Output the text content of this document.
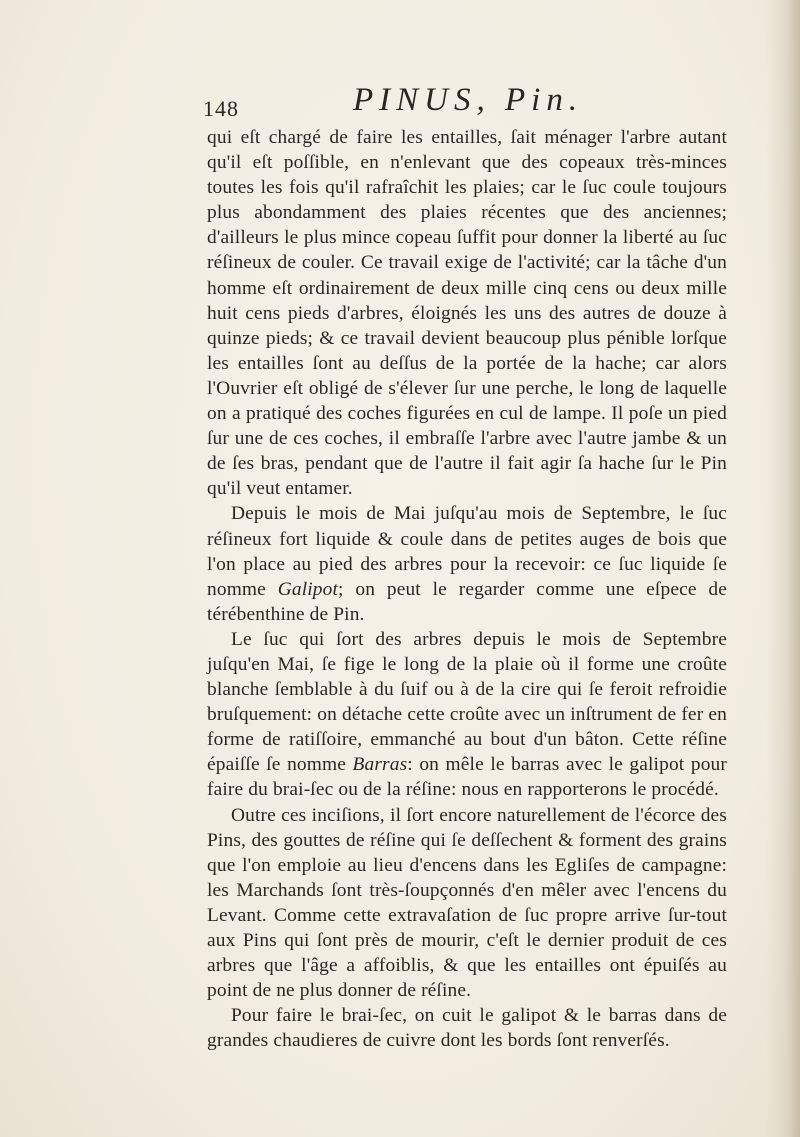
148	PINUS, Pin.

qui eſt chargé de faire les entailles, ſait ménager l'arbre autant qu'il eſt poſſible, en n'enlevant que des copeaux très-minces toutes les fois qu'il rafraîchit les plaies; car le ſuc coule toujours plus abondamment des plaies récentes que des anciennes; d'ailleurs le plus mince copeau ſuffit pour donner la liberté au ſuc réſineux de couler. Ce travail exige de l'activité; car la tâche d'un homme eſt ordinairement de deux mille cinq cens ou deux mille huit cens pieds d'arbres, éloignés les uns des autres de douze à quinze pieds; & ce travail devient beaucoup plus pénible lorſque les entailles ſont au deſſus de la portée de la hache; car alors l'Ouvrier eſt obligé de s'élever ſur une perche, le long de laquelle on a pratiqué des coches figurées en cul de lampe. Il poſe un pied ſur une de ces coches, il embraſſe l'arbre avec l'autre jambe & un de ſes bras, pendant que de l'autre il fait agir ſa hache ſur le Pin qu'il veut entamer.

Depuis le mois de Mai juſqu'au mois de Septembre, le ſuc réſineux fort liquide & coule dans de petites auges de bois que l'on place au pied des arbres pour la recevoir: ce ſuc liquide ſe nomme Galipot; on peut le regarder comme une eſpece de térébenthine de Pin.

Le ſuc qui ſort des arbres depuis le mois de Septembre juſqu'en Mai, ſe fige le long de la plaie où il forme une croûte blanche ſemblable à du ſuif ou à de la cire qui ſe feroit refroidie bruſquement: on détache cette croûte avec un inſtrument de fer en forme de ratiſſoire, emmanché au bout d'un bâton. Cette réſine épaiſſe ſe nomme Barras: on mêle le barras avec le galipot pour faire du brai-ſec ou de la réſine: nous en rapporterons le procédé.

Outre ces inciſions, il ſort encore naturellement de l'écorce des Pins, des gouttes de réſine qui ſe deſſechent & forment des grains que l'on emploie au lieu d'encens dans les Egliſes de campagne: les Marchands ſont très-ſoupçonnés d'en mêler avec l'encens du Levant. Comme cette extravaſation de ſuc propre arrive ſur-tout aux Pins qui ſont près de mourir, c'eſt le dernier produit de ces arbres que l'âge a affoiblis, & que les entailles ont épuiſés au point de ne plus donner de réſine.

Pour faire le brai-ſec, on cuit le galipot & le barras dans de grandes chaudieres de cuivre dont les bords ſont renverſés.
